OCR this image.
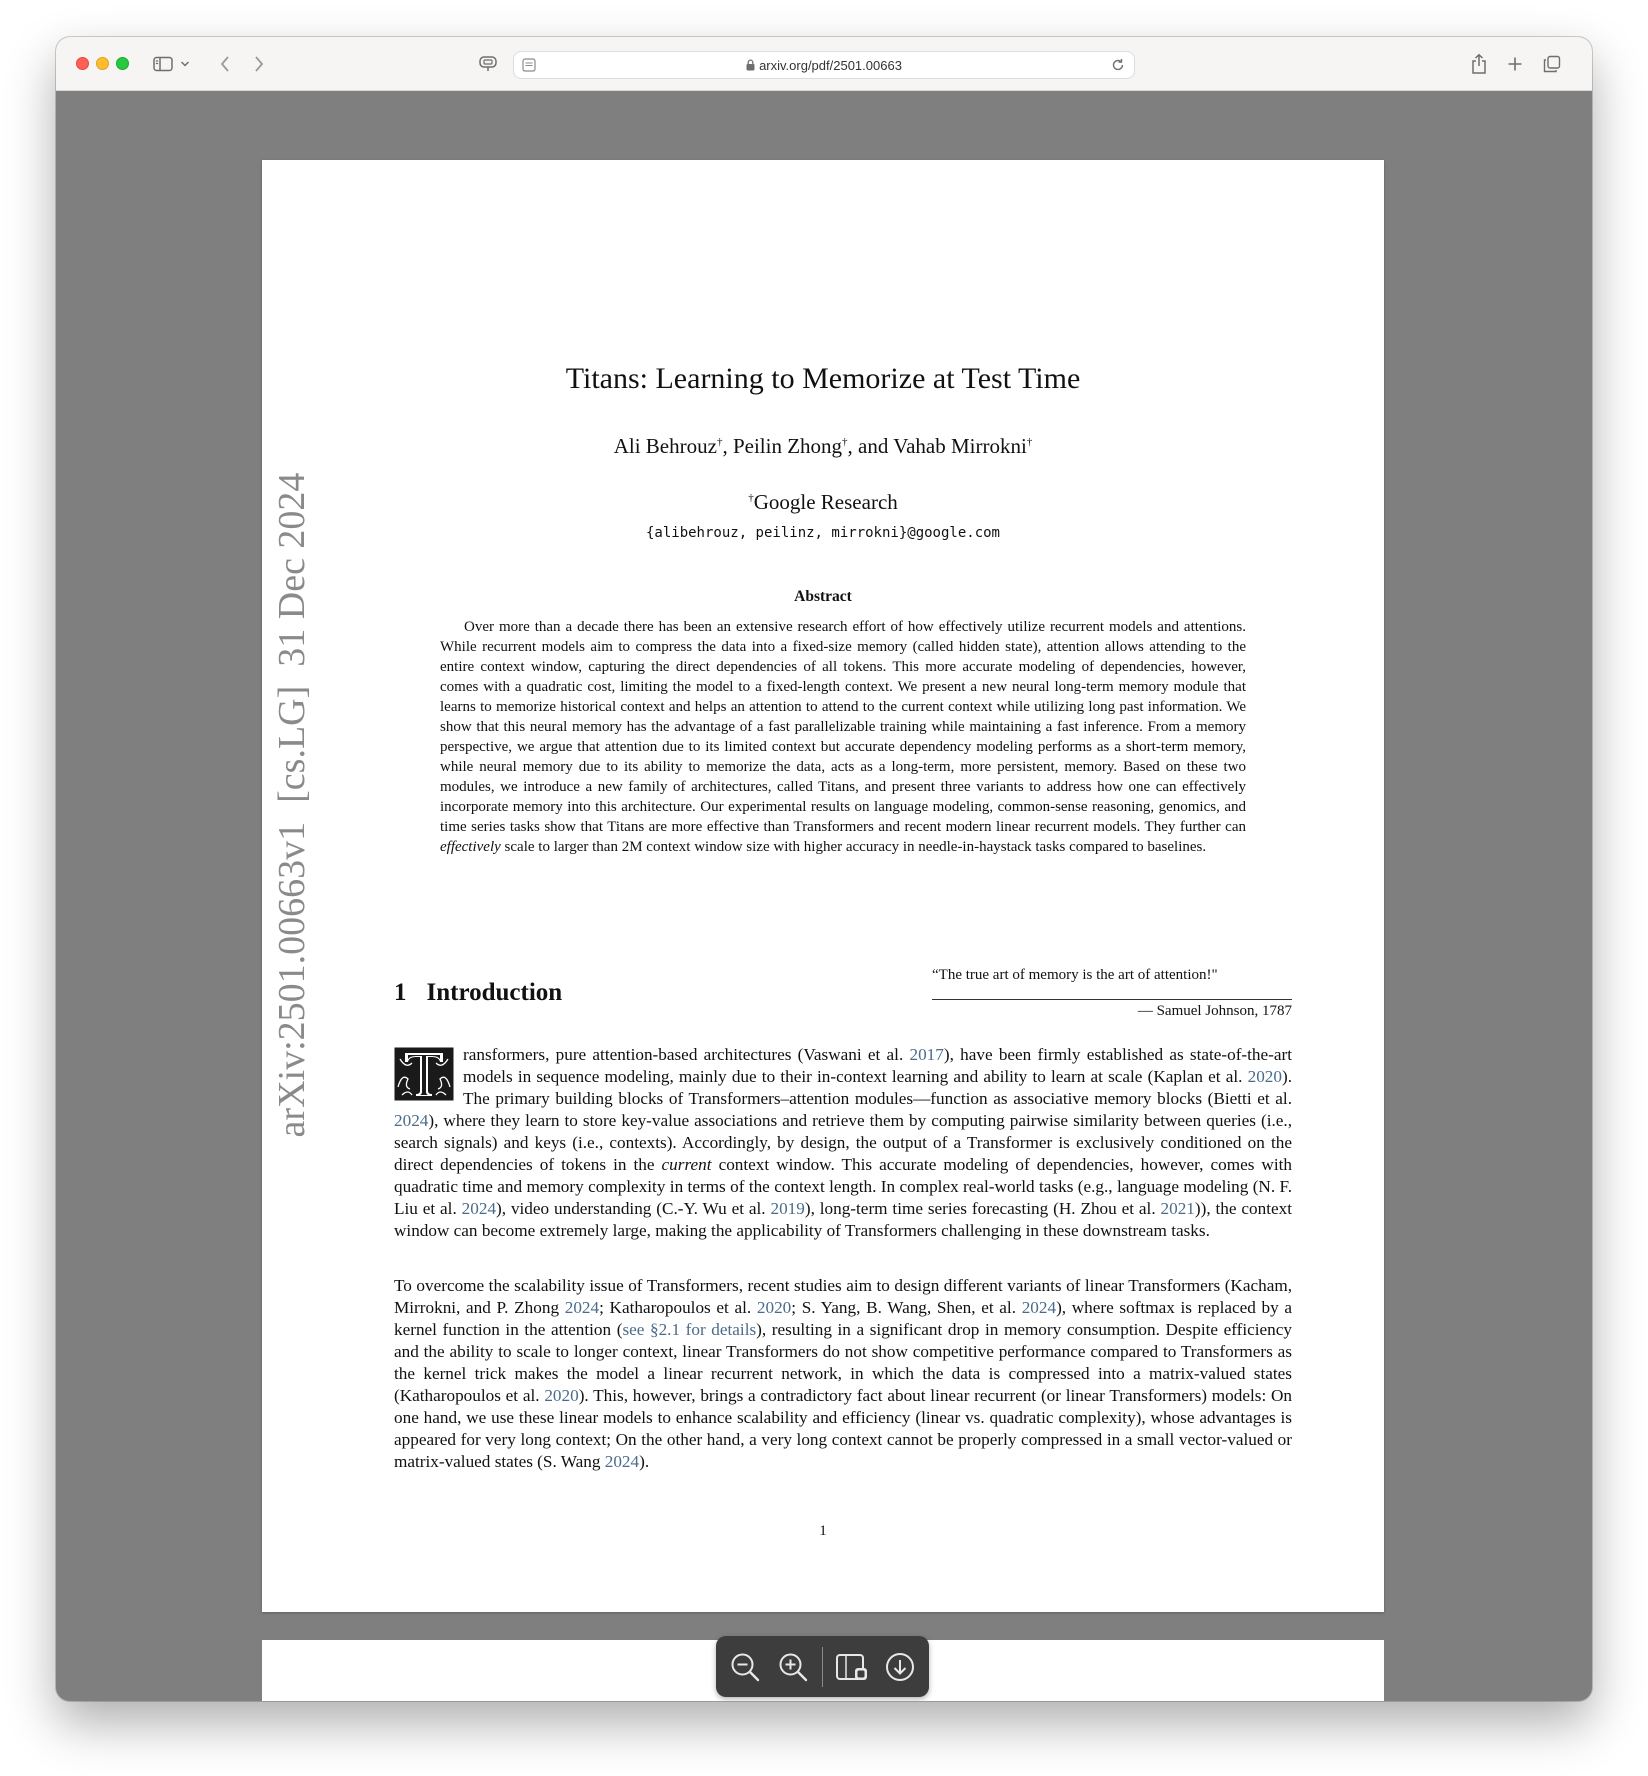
arxiv.org/pdf/2501.00663
arXiv:2501.00663v1  [cs.LG]  31 Dec 2024
Titans: Learning to Memorize at Test Time
Ali Behrouz†, Peilin Zhong†, and Vahab Mirrokni†
†Google Research
{alibehrouz, peilinz, mirrokni}@google.com
Abstract
Over more than a decade there has been an extensive research effort of how effectively utilize recurrent models and attentions. While recurrent models aim to compress the data into a fixed-size memory (called hidden state), attention allows attending to the entire context window, capturing the direct dependencies of all tokens. This more accurate modeling of dependencies, however, comes with a quadratic cost, limiting the model to a fixed-length context. We present a new neural long-term memory module that learns to memorize historical context and helps an attention to attend to the current context while utilizing long past information. We show that this neural memory has the advantage of a fast parallelizable training while maintaining a fast inference. From a memory perspective, we argue that attention due to its limited context but accurate dependency modeling performs as a short-term memory, while neural memory due to its ability to memorize the data, acts as a long-term, more persistent, memory. Based on these two modules, we introduce a new family of architectures, called Titans, and present three variants to address how one can effectively incorporate memory into this architecture. Our experimental results on language modeling, common-sense reasoning, genomics, and time series tasks show that Titans are more effective than Transformers and recent modern linear recurrent models. They further can effectively scale to larger than 2M context window size with higher accuracy in needle-in-haystack tasks compared to baselines.
1 Introduction
“The true art of memory is the art of attention!"
— Samuel Johnson, 1787
ransformers, pure attention-based architectures (Vaswani et al. 2017), have been firmly established as state-of-the-art models in sequence modeling, mainly due to their in-context learning and ability to learn at scale (Kaplan et al. 2020). The primary building blocks of Transformers–attention modules—function as associative memory blocks (Bietti et al. 2024), where they learn to store key-value associations and retrieve them by computing pairwise similarity between queries (i.e., search signals) and keys (i.e., contexts). Accordingly, by design, the output of a Transformer is exclusively conditioned on the direct dependencies of tokens in the current context window. This accurate modeling of dependencies, however, comes with quadratic time and memory complexity in terms of the context length. In complex real-world tasks (e.g., language modeling (N. F. Liu et al. 2024), video understanding (C.-Y. Wu et al. 2019), long-term time series forecasting (H. Zhou et al. 2021)), the context window can become extremely large, making the applicability of Transformers challenging in these downstream tasks.
To overcome the scalability issue of Transformers, recent studies aim to design different variants of linear Transformers (Kacham, Mirrokni, and P. Zhong 2024; Katharopoulos et al. 2020; S. Yang, B. Wang, Shen, et al. 2024), where softmax is replaced by a kernel function in the attention (see §2.1 for details), resulting in a significant drop in memory consumption. Despite efficiency and the ability to scale to longer context, linear Transformers do not show competitive performance compared to Transformers as the kernel trick makes the model a linear recurrent network, in which the data is compressed into a matrix-valued states (Katharopoulos et al. 2020). This, however, brings a contradictory fact about linear recurrent (or linear Transformers) models: On one hand, we use these linear models to enhance scalability and efficiency (linear vs. quadratic complexity), whose advantages is appeared for very long context; On the other hand, a very long context cannot be properly compressed in a small vector-valued or matrix-valued states (S. Wang 2024).
1
